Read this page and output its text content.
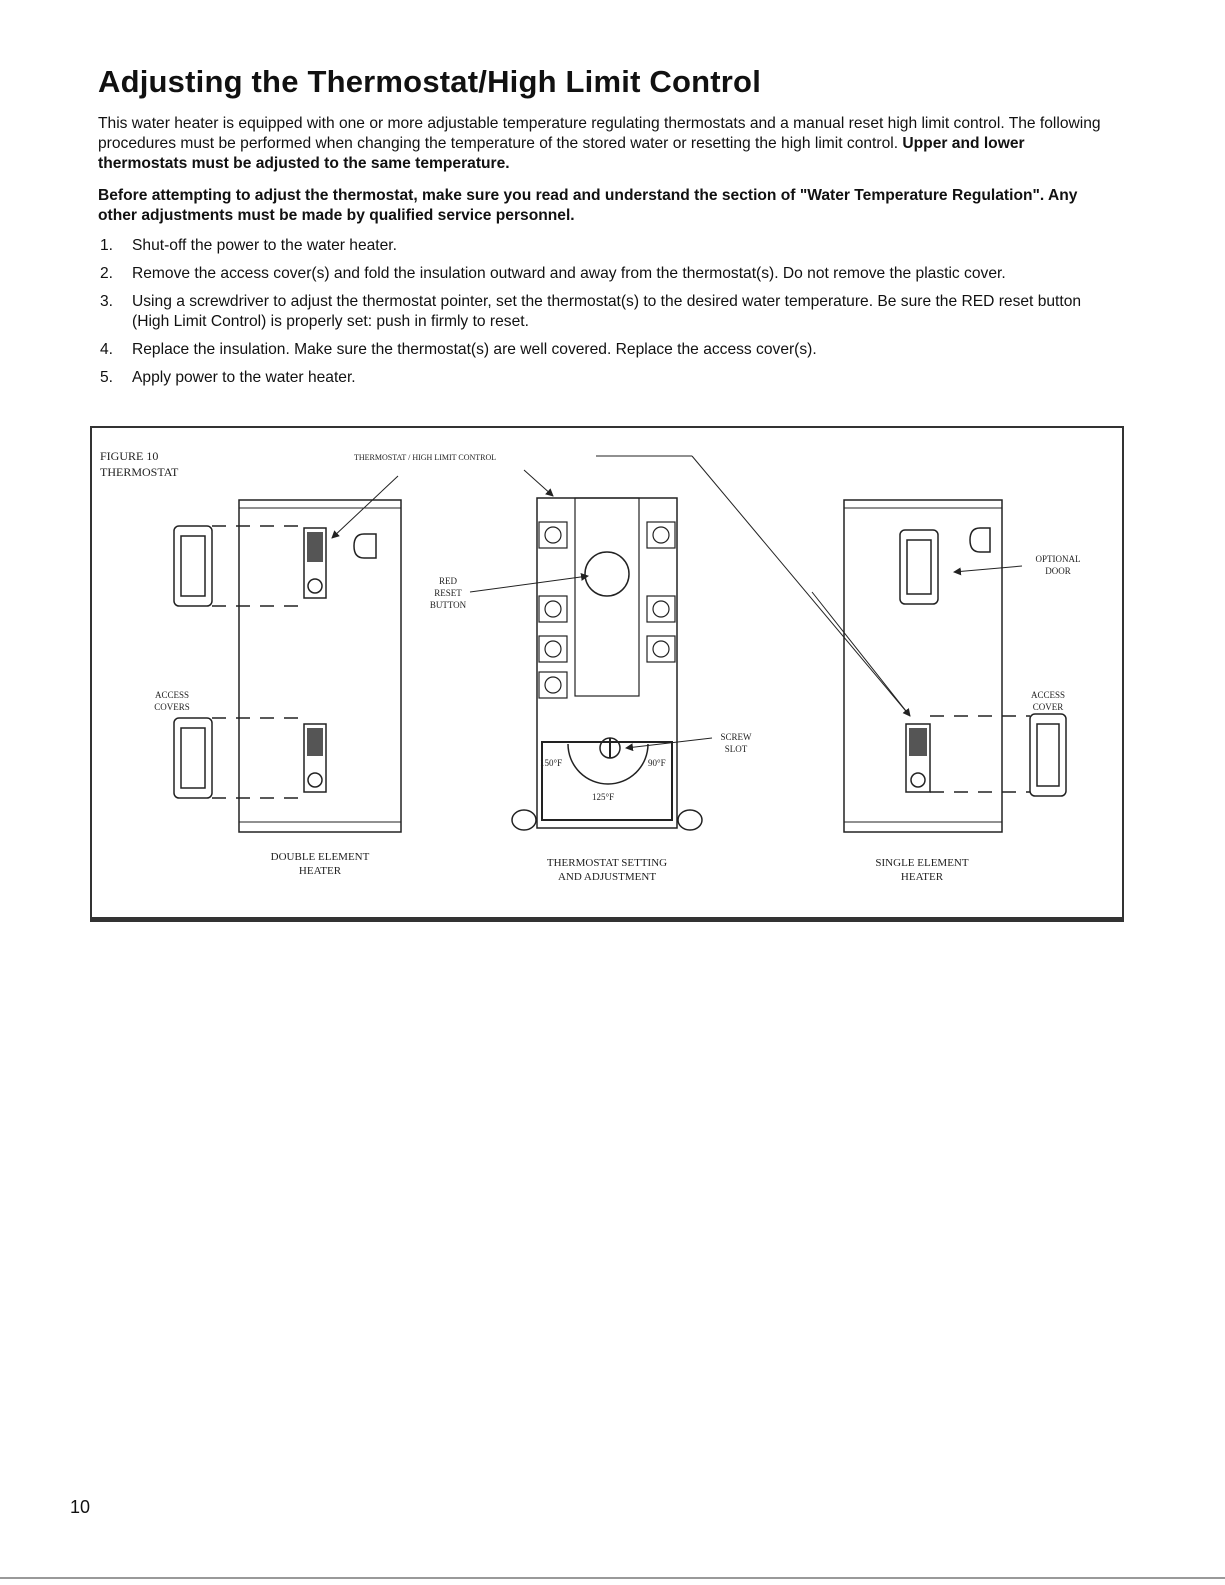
Adjusting the Thermostat/High Limit Control

This water heater is equipped with one or more adjustable temperature regulating thermostats and a manual reset high limit control. The following procedures must be performed when changing the temperature of the stored water or resetting the high limit control. Upper and lower thermostats must be adjusted to the same temperature.

Before attempting to adjust the thermostat, make sure you read and understand the section of "Water Temperature Regulation". Any other adjustments must be made by qualified service personnel.

1. Shut-off the power to the water heater.
2. Remove the access cover(s) and fold the insulation outward and away from the thermostat(s). Do not remove the plastic cover.
3. Using a screwdriver to adjust the thermostat pointer, set the thermostat(s) to the desired water temperature. Be sure the RED reset button (High Limit Control) is properly set: push in firmly to reset.
4. Replace the insulation. Make sure the thermostat(s) are well covered. Replace the access cover(s).
5. Apply power to the water heater.
FIGURE 10
THERMOSTAT
THERMOSTAT / HIGH LIMIT CONTROL
ACCESS
COVERS
DOUBLE ELEMENT
HEATER
RED
RESET
BUTTON
150°F	90°F
125°F
SCREW
SLOT
THERMOSTAT SETTING
AND ADJUSTMENT
OPTIONAL
DOOR
ACCESS
COVER
SINGLE ELEMENT
HEATER
10
